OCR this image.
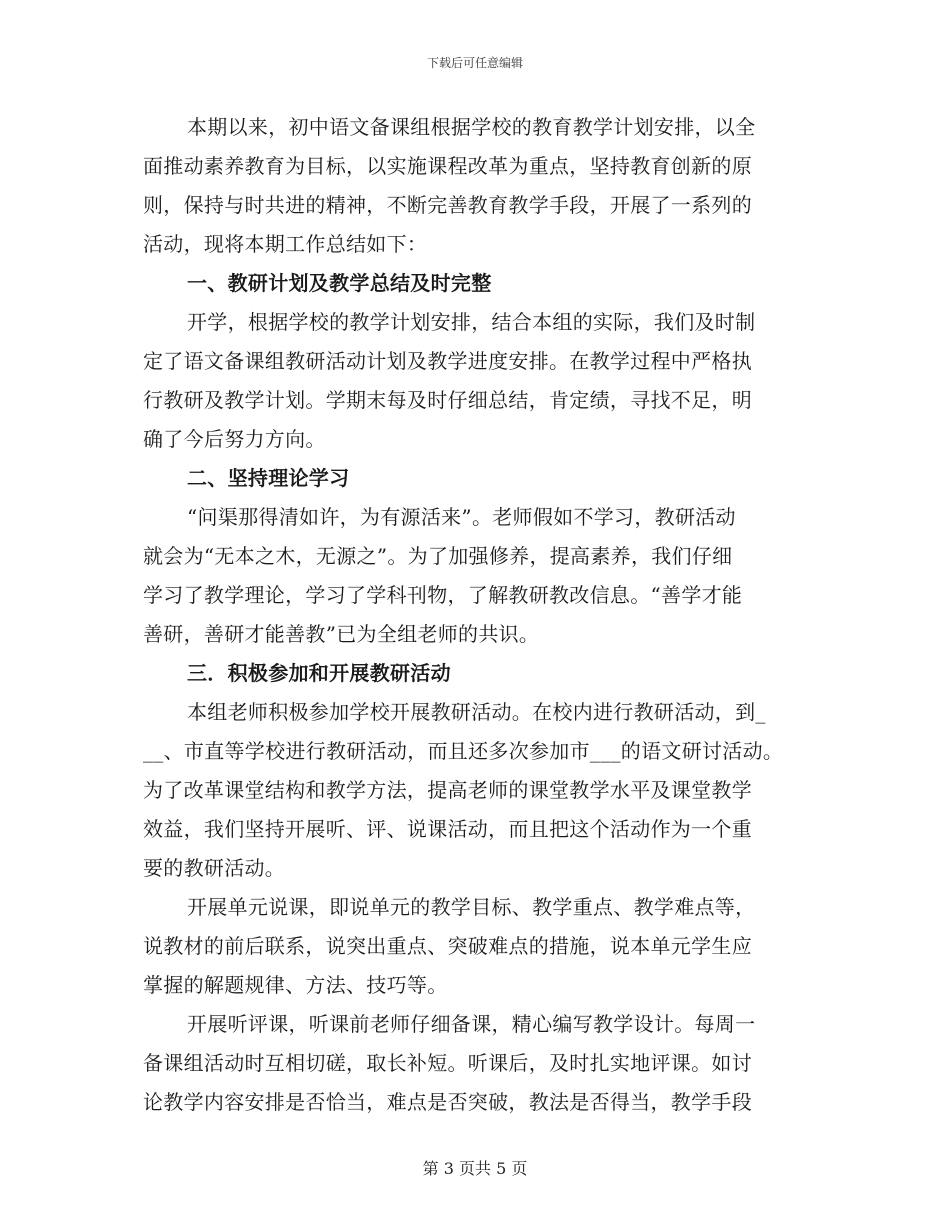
下载后可任意编辑
本期以来，初中语文备课组根据学校的教育教学计划安排，以全
面推动素养教育为目标，以实施课程改革为重点，坚持教育创新的原
则，保持与时共进的精神，不断完善教育教学手段，开展了一系列的
活动，现将本期工作总结如下：
一、教研计划及教学总结及时完整
开学，根据学校的教学计划安排，结合本组的实际，我们及时制
定了语文备课组教研活动计划及教学进度安排。在教学过程中严格执
行教研及教学计划。学期末每及时仔细总结，肯定绩，寻找不足，明
确了今后努力方向。
二、坚持理论学习
“问渠那得清如许，为有源活来”。老师假如不学习，教研活动
就会为“无本之木，无源之”。为了加强修养，提高素养，我们仔细
学习了教学理论，学习了学科刊物，了解教研教改信息。“善学才能
善研，善研才能善教”已为全组老师的共识。
三．积极参加和开展教研活动
本组老师积极参加学校开展教研活动。在校内进行教研活动，到_
__、市直等学校进行教研活动，而且还多次参加市___的语文研讨活动。
为了改革课堂结构和教学方法，提高老师的课堂教学水平及课堂教学
效益，我们坚持开展听、评、说课活动，而且把这个活动作为一个重
要的教研活动。
开展单元说课，即说单元的教学目标、教学重点、教学难点等，
说教材的前后联系，说突出重点、突破难点的措施，说本单元学生应
掌握的解题规律、方法、技巧等。
开展听评课，听课前老师仔细备课，精心编写教学设计。每周一
备课组活动时互相切磋，取长补短。听课后，及时扎实地评课。如讨
论教学内容安排是否恰当，难点是否突破，教法是否得当，教学手段
第 3 页共 5 页
